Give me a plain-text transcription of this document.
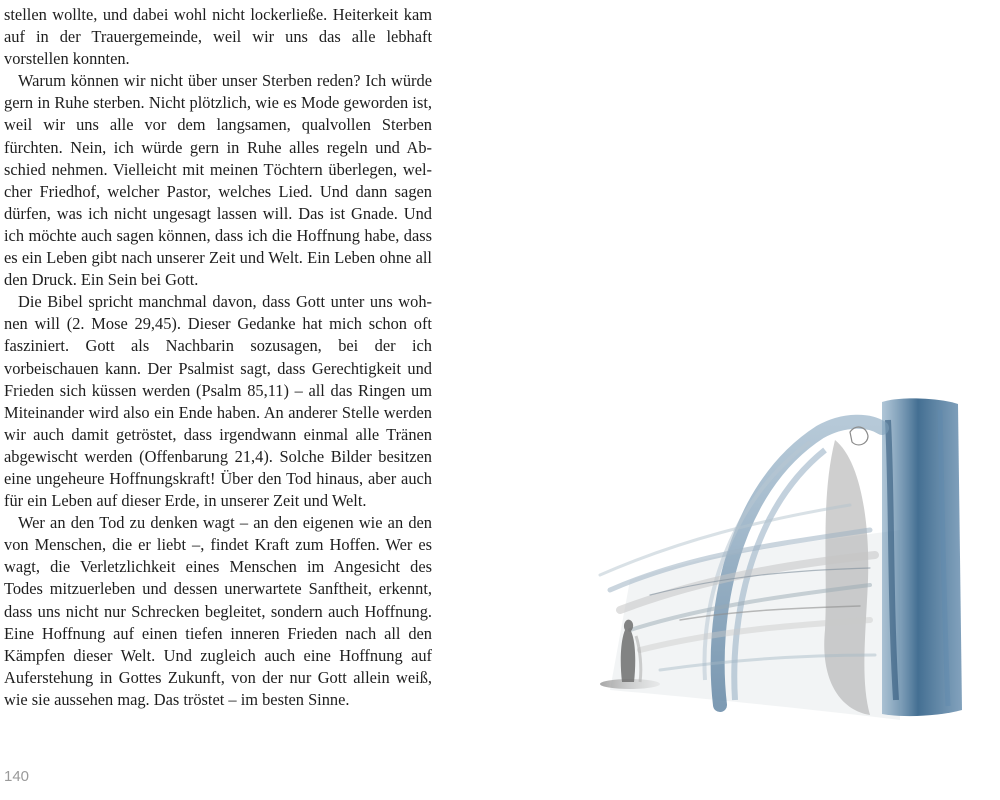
stellen wollte, und dabei wohl nicht lockerließe. Heiterkeit kam auf in der Trauergemeinde, weil wir uns das alle lebhaft vorstellen konnten.

Warum können wir nicht über unser Sterben reden? Ich würde gern in Ruhe sterben. Nicht plötzlich, wie es Mode geworden ist, weil wir uns alle vor dem langsamen, qualvollen Sterben fürchten. Nein, ich würde gern in Ruhe alles regeln und Abschied nehmen. Vielleicht mit meinen Töchtern überlegen, welcher Friedhof, welcher Pastor, welches Lied. Und dann sagen dürfen, was ich nicht ungesagt lassen will. Das ist Gnade. Und ich möchte auch sagen können, dass ich die Hoffnung habe, dass es ein Leben gibt nach unserer Zeit und Welt. Ein Leben ohne all den Druck. Ein Sein bei Gott.

Die Bibel spricht manchmal davon, dass Gott unter uns wohnen will (2. Mose 29,45). Dieser Gedanke hat mich schon oft fasziniert. Gott als Nachbarin sozusagen, bei der ich vorbeischauen kann. Der Psalmist sagt, dass Gerechtigkeit und Frieden sich küssen werden (Psalm 85,11) – all das Ringen um Miteinander wird also ein Ende haben. An anderer Stelle werden wir auch damit getröstet, dass irgendwann einmal alle Tränen abgewischt werden (Offenbarung 21,4). Solche Bilder besitzen eine ungeheure Hoffnungskraft! Über den Tod hinaus, aber auch für ein Leben auf dieser Erde, in unserer Zeit und Welt.

Wer an den Tod zu denken wagt – an den eigenen wie an den von Menschen, die er liebt –, findet Kraft zum Hoffen. Wer es wagt, die Verletzlichkeit eines Menschen im Angesicht des Todes mitzuerleben und dessen unerwartete Sanftheit, erkennt, dass uns nicht nur Schrecken begleitet, sondern auch Hoffnung. Eine Hoffnung auf einen tiefen inneren Frieden nach all den Kämpfen dieser Welt. Und zugleich auch eine Hoffnung auf Auferstehung in Gottes Zukunft, von der nur Gott allein weiß, wie sie aussehen mag. Das tröstet – im besten Sinne.

140
